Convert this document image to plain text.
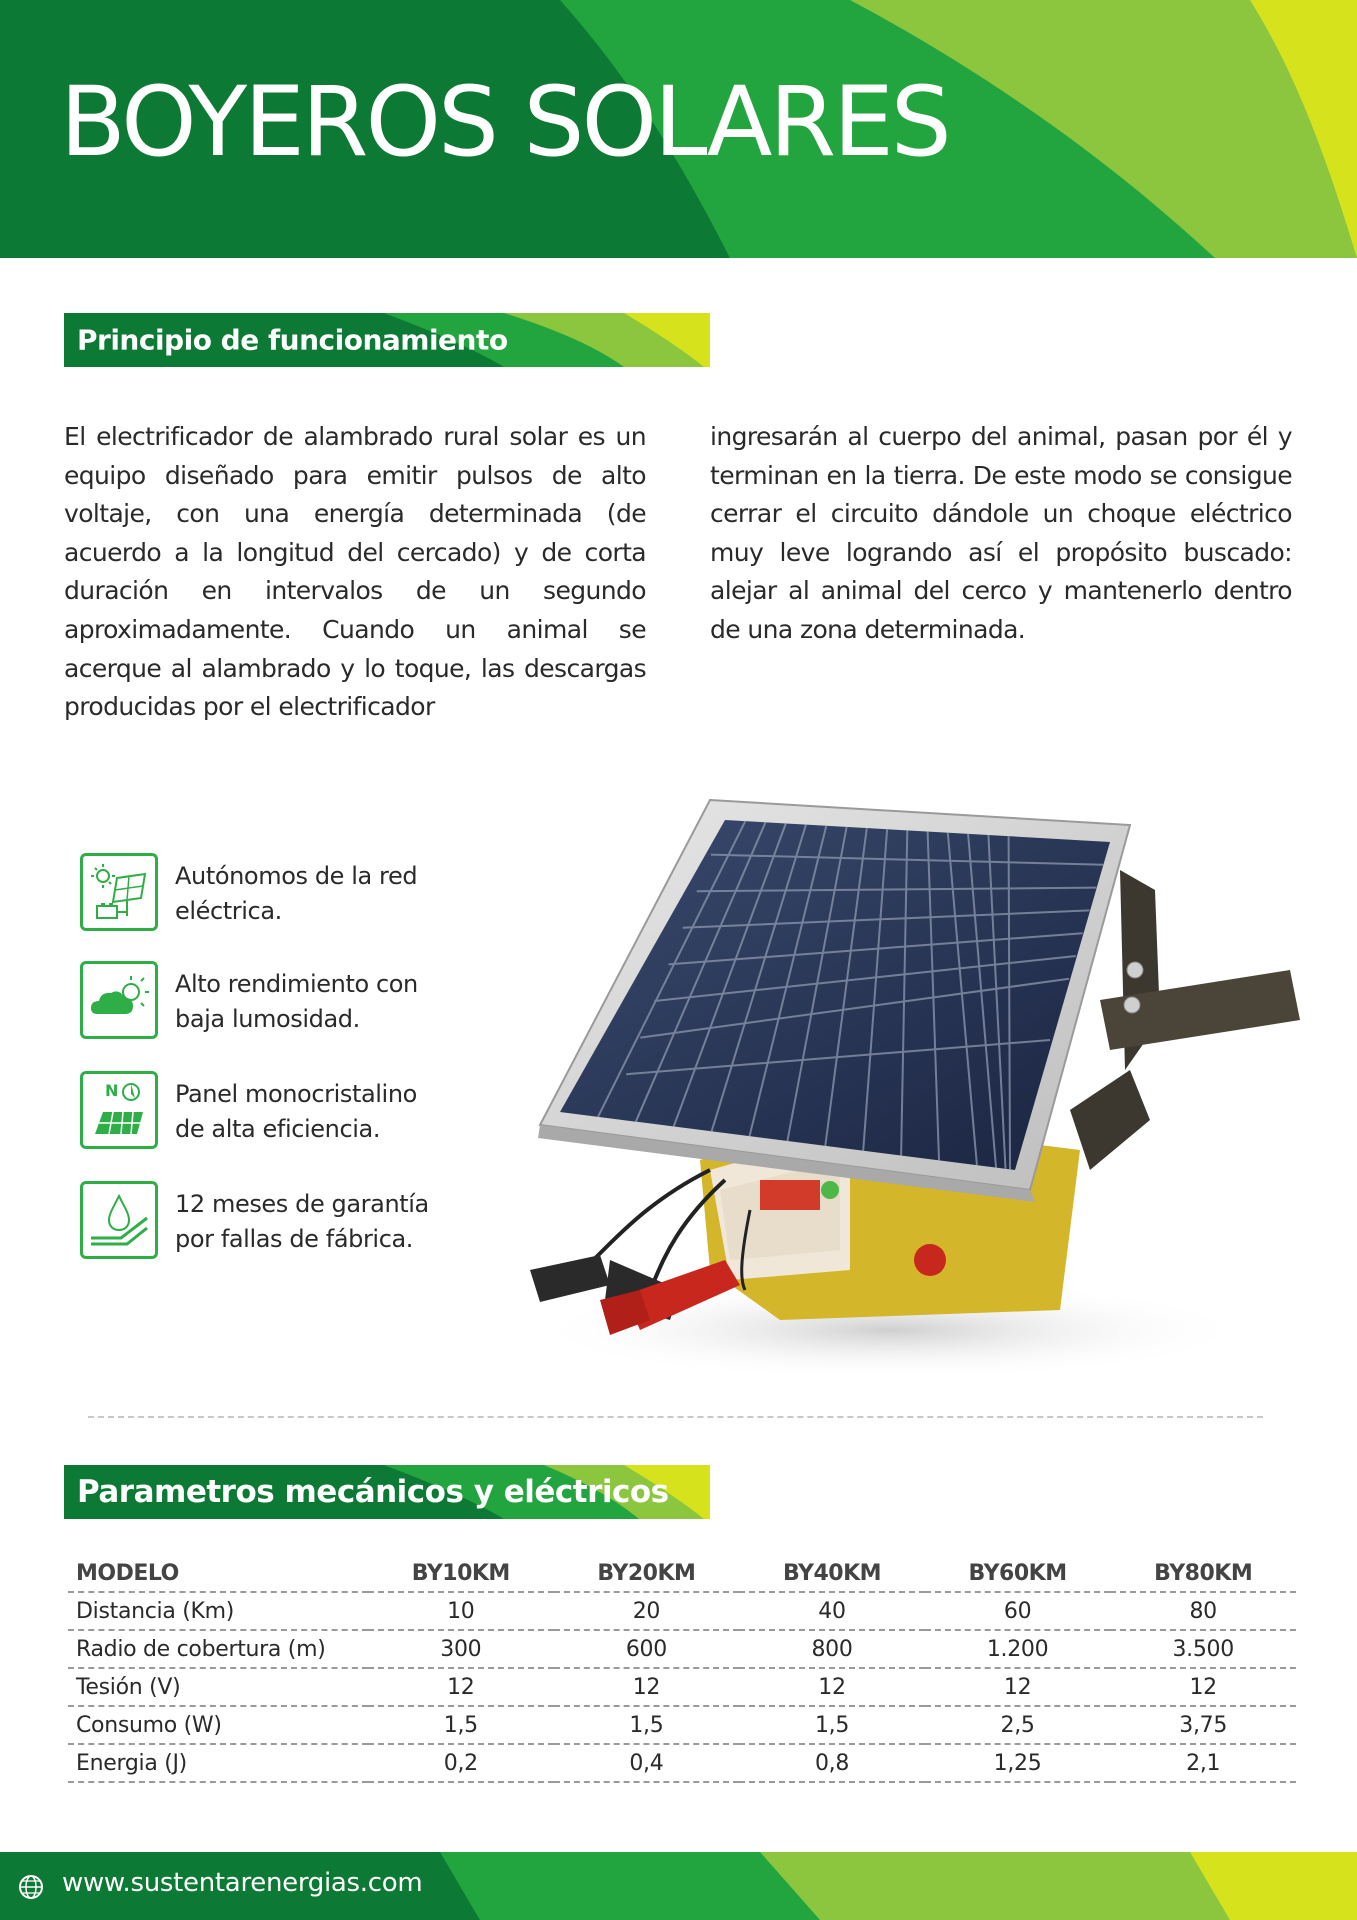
BOYEROS SOLARES
Principio de funcionamiento

El electrificador de alambrado rural solar es un equipo diseñado para emitir pulsos de alto voltaje, con una energía determinada (de acuerdo a la longitud del cercado) y de corta duración en intervalos de un segundo aproximadamente. Cuando un animal se acerque al alambrado y lo toque, las descargas producidas por el electrificador

ingresarán al cuerpo del animal, pasan por él y terminan en la tierra. De este modo se consigue cerrar el circuito dándole un choque eléctrico muy leve logrando así el propósito buscado: alejar al animal del cerco y mantenerlo dentro de una zona determinada.

Autónomos de la red
eléctrica.
Alto rendimiento con
baja lumosidad.
N Panel monocristalino
de alta eficiencia.
12 meses de garantía
por fallas de fábrica.
Parametros mecánicos y eléctricos
MODELO	BY10KM	BY20KM	BY40KM	BY60KM	BY80KM
Distancia (Km)	10	20	40	60	80
Radio de cobertura (m)	300	600	800	1.200	3.500
Tesión (V)	12	12	12	12	12
Consumo (W)	1,5	1,5	1,5	2,5	3,75
Energia (J)	0,2	0,4	0,8	1,25	2,1
www.sustentarenergias.com
